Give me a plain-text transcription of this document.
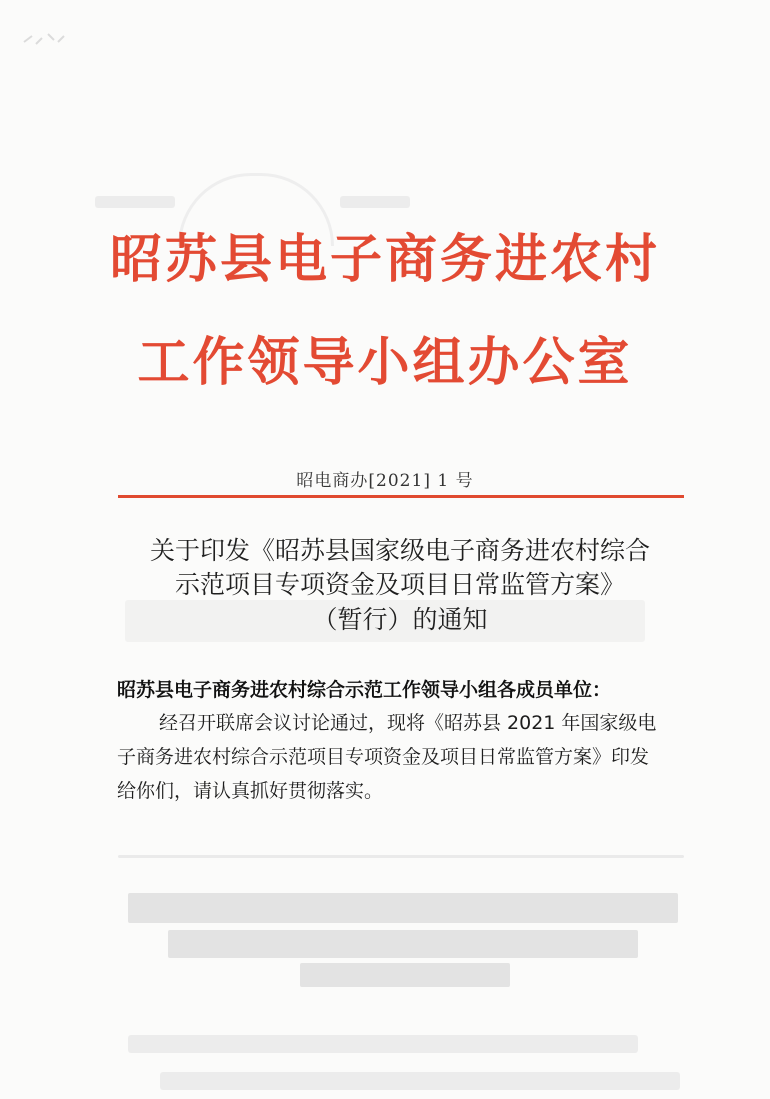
昭苏县电子商务进农村
工作领导小组办公室
昭电商办[2021] 1 号
关于印发《昭苏县国家级电子商务进农村综合
示范项目专项资金及项目日常监管方案》
（暂行）的通知
昭苏县电子商务进农村综合示范工作领导小组各成员单位：
经召开联席会议讨论通过，现将《昭苏县 2021 年国家级电
子商务进农村综合示范项目专项资金及项目日常监管方案》印发
给你们，请认真抓好贯彻落实。
